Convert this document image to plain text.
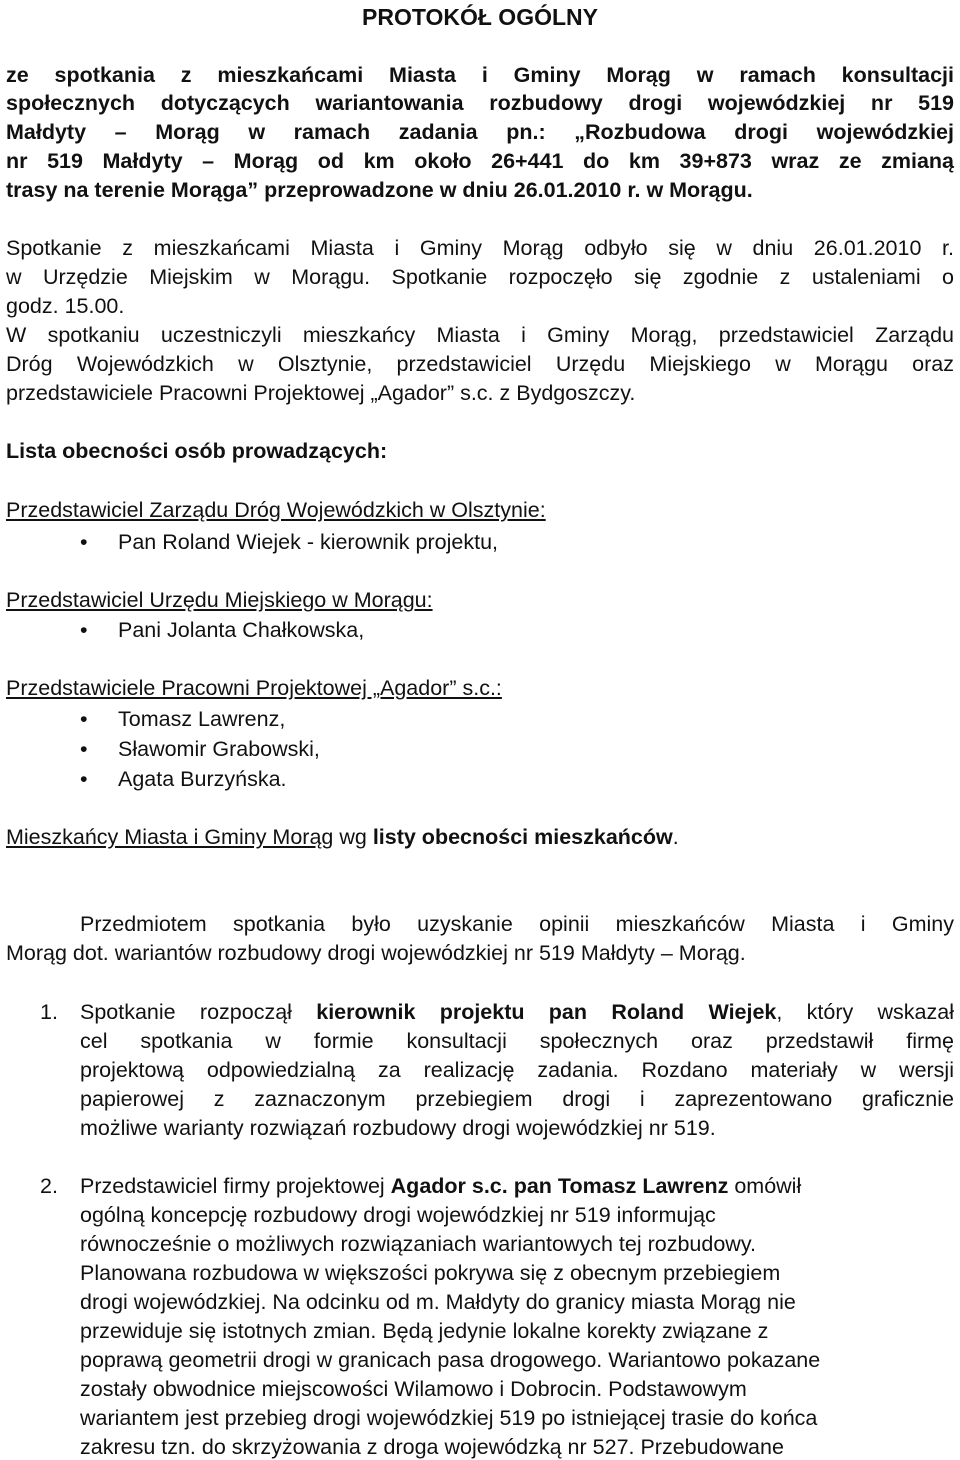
PROTOKÓŁ OGÓLNY
ze spotkania z mieszkańcami Miasta i Gminy Morąg w ramach konsultacji
społecznych dotyczących wariantowania rozbudowy drogi wojewódzkiej nr 519
Małdyty – Morąg w ramach zadania pn.: „Rozbudowa drogi wojewódzkiej
nr 519 Małdyty – Morąg od km około 26+441 do km 39+873 wraz ze zmianą
trasy na terenie Morąga” przeprowadzone w dniu 26.01.2010 r. w Morągu.
Spotkanie z mieszkańcami Miasta i Gminy Morąg odbyło się w dniu 26.01.2010 r.
w Urzędzie Miejskim w Morągu. Spotkanie rozpoczęło się zgodnie z ustaleniami o
godz. 15.00.
W spotkaniu uczestniczyli mieszkańcy Miasta i Gminy Morąg, przedstawiciel Zarządu
Dróg Wojewódzkich w Olsztynie, przedstawiciel Urzędu Miejskiego w Morągu oraz
przedstawiciele Pracowni Projektowej „Agador” s.c. z Bydgoszczy.
Lista obecności osób prowadzących:
Przedstawiciel Zarządu Dróg Wojewódzkich w Olsztynie:
•	Pan Roland Wiejek - kierownik projektu,
Przedstawiciel Urzędu Miejskiego w Morągu:
•	Pani Jolanta Chałkowska,
Przedstawiciele Pracowni Projektowej „Agador” s.c.:
•	Tomasz Lawrenz,
•	Sławomir Grabowski,
•	Agata Burzyńska.
Mieszkańcy Miasta i Gminy Morąg wg listy obecności mieszkańców.
Przedmiotem spotkania było uzyskanie opinii mieszkańców Miasta i Gminy
Morąg dot. wariantów rozbudowy drogi wojewódzkiej nr 519 Małdyty – Morąg.
1. Spotkanie rozpoczął kierownik projektu pan Roland Wiejek, który wskazał
cel spotkania w formie konsultacji społecznych oraz przedstawił firmę
projektową odpowiedzialną za realizację zadania. Rozdano materiały w wersji
papierowej z zaznaczonym przebiegiem drogi i zaprezentowano graficznie
możliwe warianty rozwiązań rozbudowy drogi wojewódzkiej nr 519.
2. Przedstawiciel firmy projektowej Agador s.c. pan Tomasz Lawrenz omówił
ogólną koncepcję rozbudowy drogi wojewódzkiej nr 519 informując
równocześnie o możliwych rozwiązaniach wariantowych tej rozbudowy.
Planowana rozbudowa w większości pokrywa się z obecnym przebiegiem
drogi wojewódzkiej. Na odcinku od m. Małdyty do granicy miasta Morąg nie
przewiduje się istotnych zmian. Będą jedynie lokalne korekty związane z
poprawą geometrii drogi w granicach pasa drogowego. Wariantowo pokazane
zostały obwodnice miejscowości Wilamowo i Dobrocin. Podstawowym
wariantem jest przebieg drogi wojewódzkiej 519 po istniejącej trasie do końca
zakresu tzn. do skrzyżowania z droga wojewódzką nr 527. Przebudowane
